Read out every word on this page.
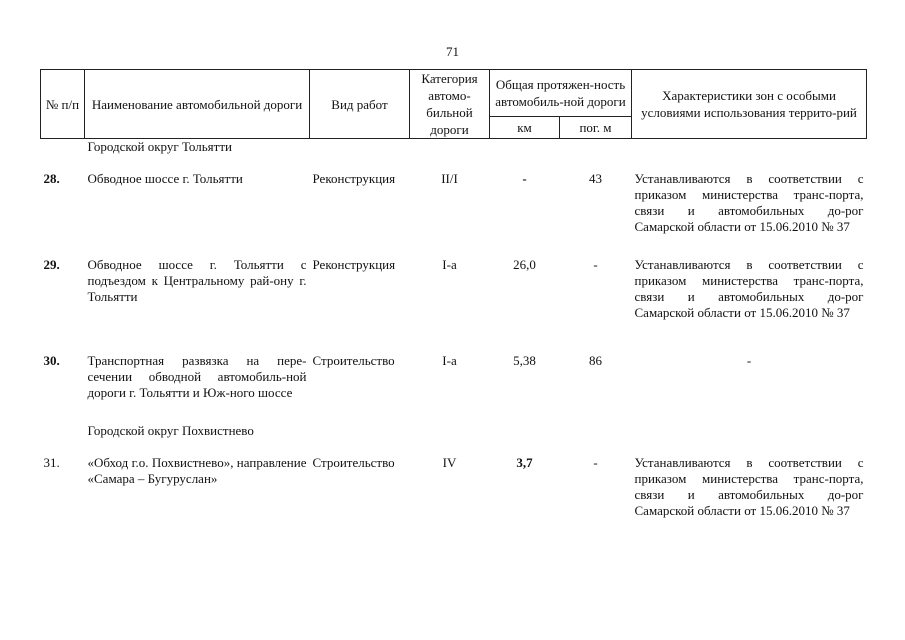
71
№ п/п	Наименование автомобильной дороги	Вид работ	Категория автомо-бильной дороги	Общая протяжен-ность автомобиль-ной дороги		Характеристики зон с особыми условиями использования террито-рий
				км	пог. м	
	Городской округ Тольятти					

28.	Обводное шоссе г. Тольятти	Реконструкция	II/I	-	43	Устанавливаются в соответствии с приказом министерства транс-порта, связи и автомобильных до-рог Самарской области от 15.06.2010 № 37
29.	Обводное шоссе г. Тольятти с подъездом к Центральному рай-ону г. Тольятти	Реконструкция	I-a	26,0	-	Устанавливаются в соответствии с приказом министерства транс-порта, связи и автомобильных до-рог Самарской области от 15.06.2010 № 37
30.	Транспортная развязка на пере-сечении обводной автомобиль-ной дороги г. Тольятти и Юж-ного шоссе	Строительство	I-a	5,38	86	-
	Городской округ Похвистнево					

31.	«Обход г.о. Похвистнево», направление «Самара – Бугуруслан»	Строительство	IV	3,7	-	Устанавливаются в соответствии с приказом министерства транс-порта, связи и автомобильных до-рог Самарской области от 15.06.2010 № 37
